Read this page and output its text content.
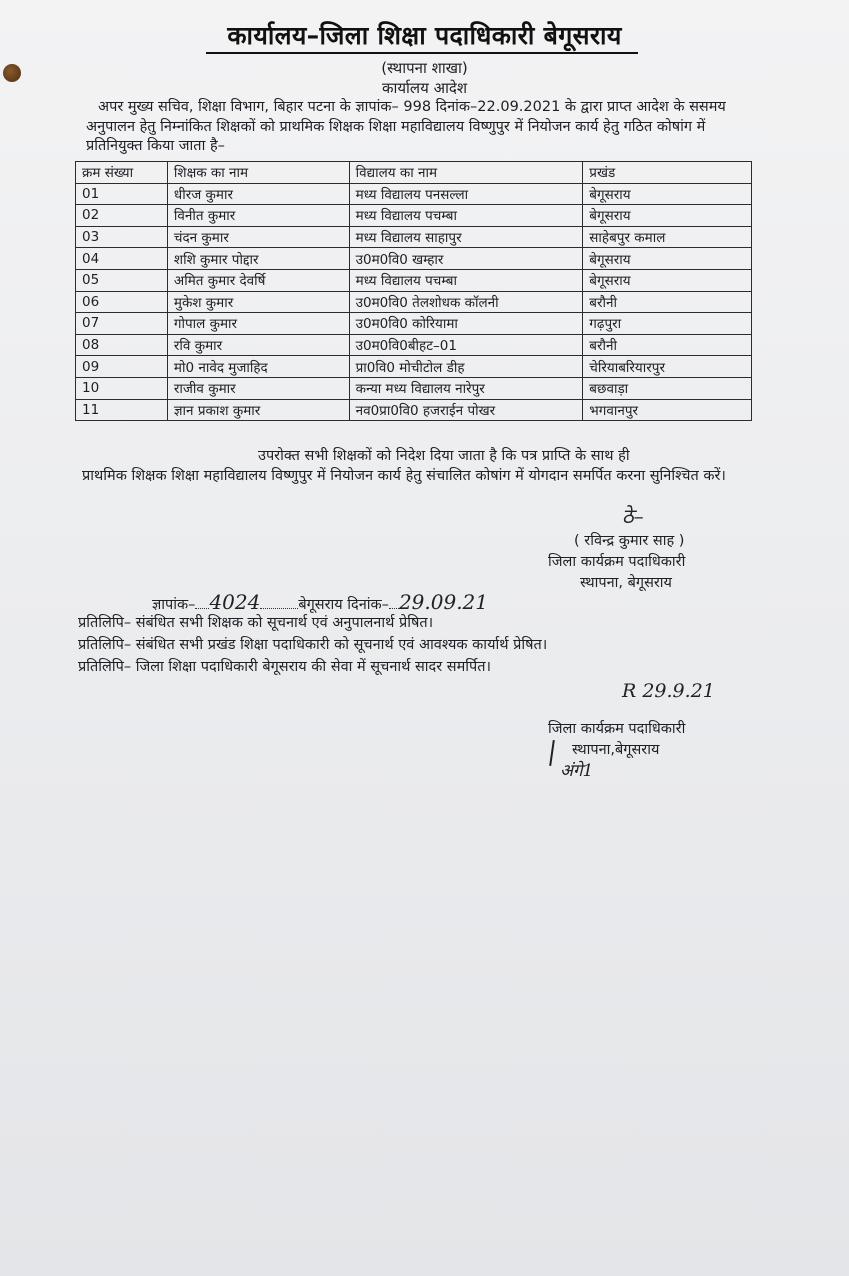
कार्यालय–जिला शिक्षा पदाधिकारी बेगूसराय
(स्थापना शाखा)
कार्यालय आदेश
अपर मुख्य सचिव, शिक्षा विभाग, बिहार पटना के ज्ञापांक– 998 दिनांक–22.09.2021 के द्वारा प्राप्त आदेश के ससमय अनुपालन हेतु निम्नांकित शिक्षकों को प्राथमिक शिक्षक शिक्षा महाविद्यालय विष्णुपुर में नियोजन कार्य हेतु गठित कोषांग में प्रतिनियुक्त किया जाता है–
क्रम संख्या	शिक्षक का नाम	विद्यालय का नाम	प्रखंड
01	धीरज कुमार	मध्य विद्यालय पनसल्ला	बेगूसराय
02	विनीत कुमार	मध्य विद्यालय पचम्बा	बेगूसराय
03	चंदन कुमार	मध्य विद्यालय साहापुर	साहेबपुर कमाल
04	शशि कुमार पोद्दार	उ0म0वि0 खम्हार	बेगूसराय
05	अमित कुमार देवर्षि	मध्य विद्यालय पचम्बा	बेगूसराय
06	मुकेश कुमार	उ0म0वि0 तेलशोधक कॉलनी	बरौनी
07	गोपाल कुमार	उ0म0वि0 कोरियामा	गढ़पुरा
08	रवि कुमार	उ0म0वि0बीहट–01	बरौनी
09	मो0 नावेद मुजाहिद	प्रा0वि0 मोचीटोल डीह	चेरियाबरियारपुर
10	राजीव कुमार	कन्या मध्य विद्यालय नारेपुर	बछवाड़ा
11	ज्ञान प्रकाश कुमार	नव0प्रा0वि0 हजराईन पोखर	भगवानपुर
उपरोक्त सभी शिक्षकों को निदेश दिया जाता है कि पत्र प्राप्ति के साथ ही
प्राथमिक शिक्षक शिक्षा महाविद्यालय विष्णुपुर में नियोजन कार्य हेतु संचालित कोषांग में योगदान समर्पित करना सुनिश्चित करें।
ठे–
( रविन्द्र कुमार साह )
जिला कार्यक्रम पदाधिकारी
स्थापना, बेगूसराय
ज्ञापांक– 4024	बेगूसराय दिनांक– 29.09.21
प्रतिलिपि– संबंधित सभी शिक्षक को सूचनार्थ एवं अनुपालनार्थ प्रेषित।
प्रतिलिपि– संबंधित सभी प्रखंड शिक्षा पदाधिकारी को सूचनार्थ एवं आवश्यक कार्यार्थ प्रेषित।
प्रतिलिपि– जिला शिक्षा पदाधिकारी बेगूसराय की सेवा में सूचनार्थ सादर समर्पित।
R 29.9.21
जिला कार्यक्रम पदाधिकारी
स्थापना,बेगूसराय
अंगे1
